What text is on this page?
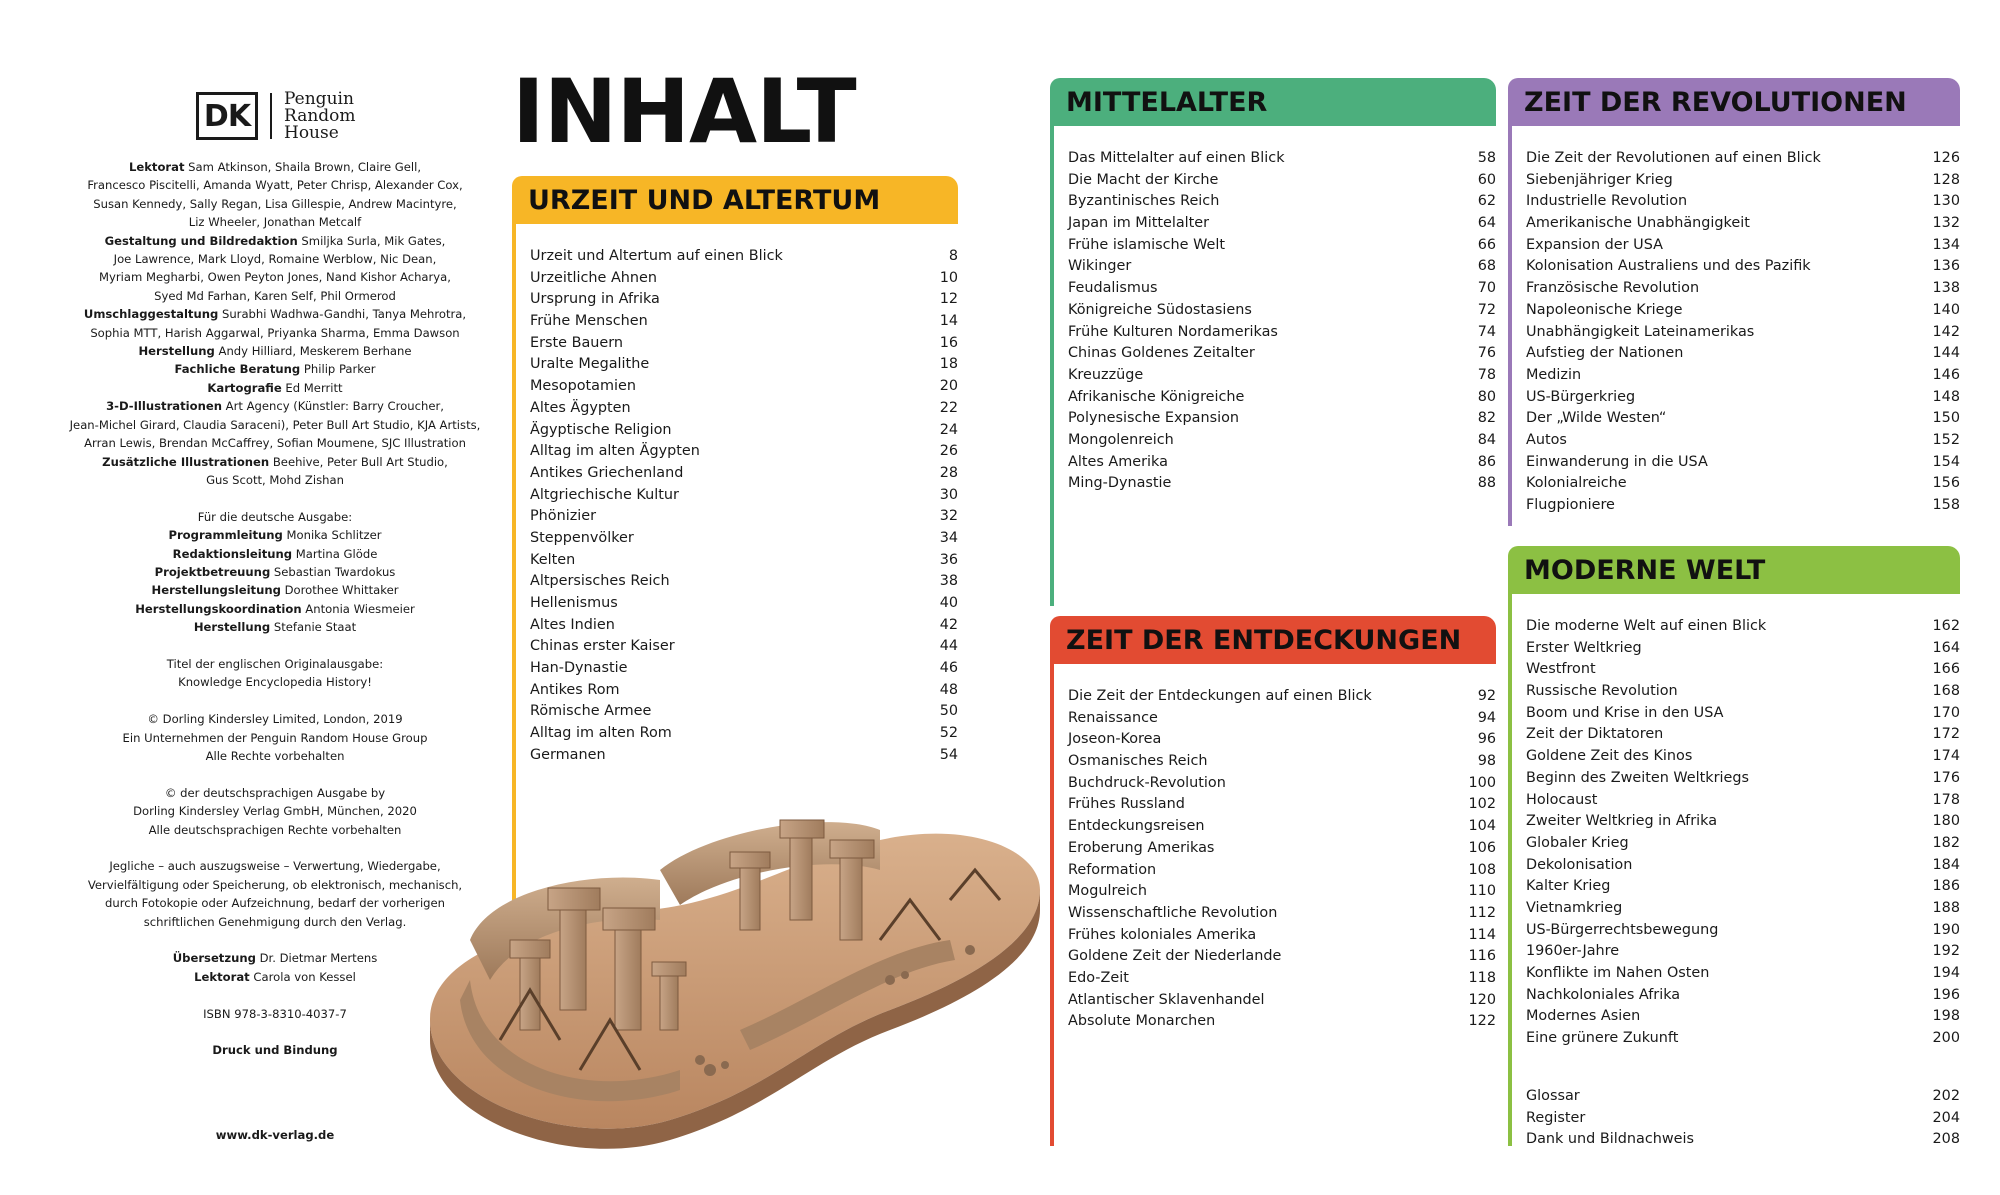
DK	Penguin
Random
House

Lektorat Sam Atkinson, Shaila Brown, Claire Gell,

Francesco Piscitelli, Amanda Wyatt, Peter Chrisp, Alexander Cox,

Susan Kennedy, Sally Regan, Lisa Gillespie, Andrew Macintyre,

Liz Wheeler, Jonathan Metcalf

Gestaltung und Bildredaktion Smiljka Surla, Mik Gates,

Joe Lawrence, Mark Lloyd, Romaine Werblow, Nic Dean,

Myriam Megharbi, Owen Peyton Jones, Nand Kishor Acharya,

Syed Md Farhan, Karen Self, Phil Ormerod

Umschlaggestaltung Surabhi Wadhwa-Gandhi, Tanya Mehrotra,

Sophia MTT, Harish Aggarwal, Priyanka Sharma, Emma Dawson

Herstellung Andy Hilliard, Meskerem Berhane

Fachliche Beratung Philip Parker

Kartografie Ed Merritt

3-D-Illustrationen Art Agency (Künstler: Barry Croucher,

Jean-Michel Girard, Claudia Saraceni), Peter Bull Art Studio, KJA Artists,

Arran Lewis, Brendan McCaffrey, Sofian Moumene, SJC Illustration

Zusätzliche Illustrationen Beehive, Peter Bull Art Studio,

Gus Scott, Mohd Zishan

Für die deutsche Ausgabe:

Programmleitung Monika Schlitzer

Redaktionsleitung Martina Glöde

Projektbetreuung Sebastian Twardokus

Herstellungsleitung Dorothee Whittaker

Herstellungskoordination Antonia Wiesmeier

Herstellung Stefanie Staat

Titel der englischen Originalausgabe:

Knowledge Encyclopedia History!

© Dorling Kindersley Limited, London, 2019

Ein Unternehmen der Penguin Random House Group

Alle Rechte vorbehalten

© der deutschsprachigen Ausgabe by

Dorling Kindersley Verlag GmbH, München, 2020

Alle deutschsprachigen Rechte vorbehalten

Jegliche – auch auszugsweise – Verwertung, Wiedergabe,

Vervielfältigung oder Speicherung, ob elektronisch, mechanisch,

durch Fotokopie oder Aufzeichnung, bedarf der vorherigen

schriftlichen Genehmigung durch den Verlag.

Übersetzung Dr. Dietmar Mertens

Lektorat Carola von Kessel

ISBN 978-3-8310-4037-7

Druck und Bindung

www.dk-verlag.de
INHALT
URZEIT UND ALTERTUM
Urzeit und Altertum auf einen Blick	8
Urzeitliche Ahnen	10
Ursprung in Afrika	12
Frühe Menschen	14
Erste Bauern	16
Uralte Megalithe	18
Mesopotamien	20
Altes Ägypten	22
Ägyptische Religion	24
Alltag im alten Ägypten	26
Antikes Griechenland	28
Altgriechische Kultur	30
Phönizier	32
Steppenvölker	34
Kelten	36
Altpersisches Reich	38
Hellenismus	40
Altes Indien	42
Chinas erster Kaiser	44
Han-Dynastie	46
Antikes Rom	48
Römische Armee	50
Alltag im alten Rom	52
Germanen	54
MITTELALTER
Das Mittelalter auf einen Blick	58
Die Macht der Kirche	60
Byzantinisches Reich	62
Japan im Mittelalter	64
Frühe islamische Welt	66
Wikinger	68
Feudalismus	70
Königreiche Südostasiens	72
Frühe Kulturen Nordamerikas	74
Chinas Goldenes Zeitalter	76
Kreuzzüge	78
Afrikanische Königreiche	80
Polynesische Expansion	82
Mongolenreich	84
Altes Amerika	86
Ming-Dynastie	88
ZEIT DER ENTDECKUNGEN
Die Zeit der Entdeckungen auf einen Blick	92
Renaissance	94
Joseon-Korea	96
Osmanisches Reich	98
Buchdruck-Revolution	100
Frühes Russland	102
Entdeckungsreisen	104
Eroberung Amerikas	106
Reformation	108
Mogulreich	110
Wissenschaftliche Revolution	112
Frühes koloniales Amerika	114
Goldene Zeit der Niederlande	116
Edo-Zeit	118
Atlantischer Sklavenhandel	120
Absolute Monarchen	122
ZEIT DER REVOLUTIONEN
Die Zeit der Revolutionen auf einen Blick	126
Siebenjähriger Krieg	128
Industrielle Revolution	130
Amerikanische Unabhängigkeit	132
Expansion der USA	134
Kolonisation Australiens und des Pazifik	136
Französische Revolution	138
Napoleonische Kriege	140
Unabhängigkeit Lateinamerikas	142
Aufstieg der Nationen	144
Medizin	146
US-Bürgerkrieg	148
Der „Wilde Westen“	150
Autos	152
Einwanderung in die USA	154
Kolonialreiche	156
Flugpioniere	158
MODERNE WELT
Die moderne Welt auf einen Blick	162
Erster Weltkrieg	164
Westfront	166
Russische Revolution	168
Boom und Krise in den USA	170
Zeit der Diktatoren	172
Goldene Zeit des Kinos	174
Beginn des Zweiten Weltkriegs	176
Holocaust	178
Zweiter Weltkrieg in Afrika	180
Globaler Krieg	182
Dekolonisation	184
Kalter Krieg	186
Vietnamkrieg	188
US-Bürgerrechtsbewegung	190
1960er-Jahre	192
Konflikte im Nahen Osten	194
Nachkoloniales Afrika	196
Modernes Asien	198
Eine grünere Zukunft	200
Glossar	202
Register	204
Dank und Bildnachweis	208
